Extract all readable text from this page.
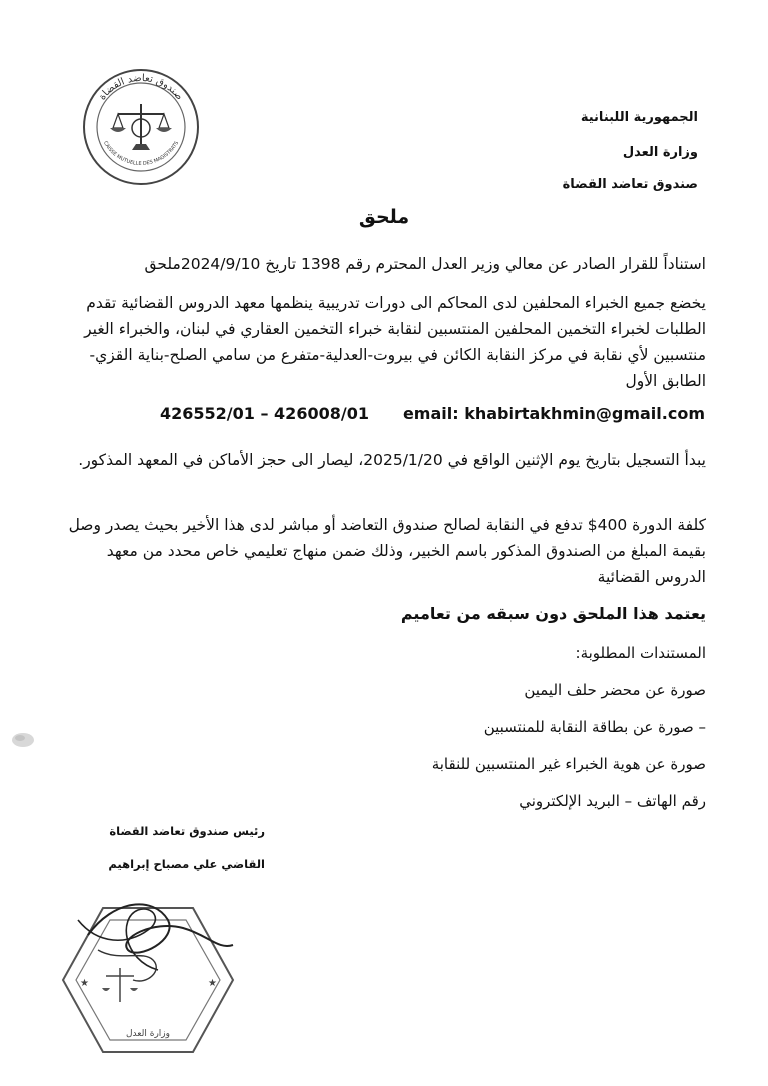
صندوق تعاضد القضاة
CAISSE MUTUELLE DES MAGISTRATS
الجمهورية اللبنانية
وزارة العدل
صندوق تعاضد القضاة
ملحق
استناداً للقرار الصادر عن معالي وزير العدل المحترم رقم 1398 تاريخ 2024/9/10ملحق
يخضع جميع الخبراء المحلفين لدى المحاكم الى دورات تدريبية ينظمها معهد الدروس القضائية تقدم الطلبات لخبراء التخمين المحلفين المنتسبين لنقابة خبراء التخمين العقاري في لبنان، والخبراء الغير منتسبين لأي نقابة في مركز النقابة الكائن في بيروت-العدلية-متفرع من سامي الصلح-بناية القزي-الطابق الأول
426552/01 – 426008/01 email: khabirtakhmin@gmail.com
يبدأ التسجيل بتاريخ يوم الإثنين الواقع في 2025/1/20، ليصار الى حجز الأماكن في المعهد المذكور.
كلفة الدورة 400$ تدفع في النقابة لصالح صندوق التعاضد أو مباشر لدى هذا الأخير بحيث يصدر وصل بقيمة المبلغ من الصندوق المذكور باسم الخبير، وذلك ضمن منهاج تعليمي خاص محدد من معهد الدروس القضائية
يعتمد هذا الملحق دون سبقه من تعاميم
المستندات المطلوبة:
صورة عن محضر حلف اليمين
– صورة عن بطاقة النقابة للمنتسبين
صورة عن هوية الخبراء غير المنتسبين للنقابة
رقم الهاتف – البريد الإلكتروني
رئيس صندوق تعاضد القضاة
القاضي علي مصباح إبراهيم
وزارة العدل
★	★
